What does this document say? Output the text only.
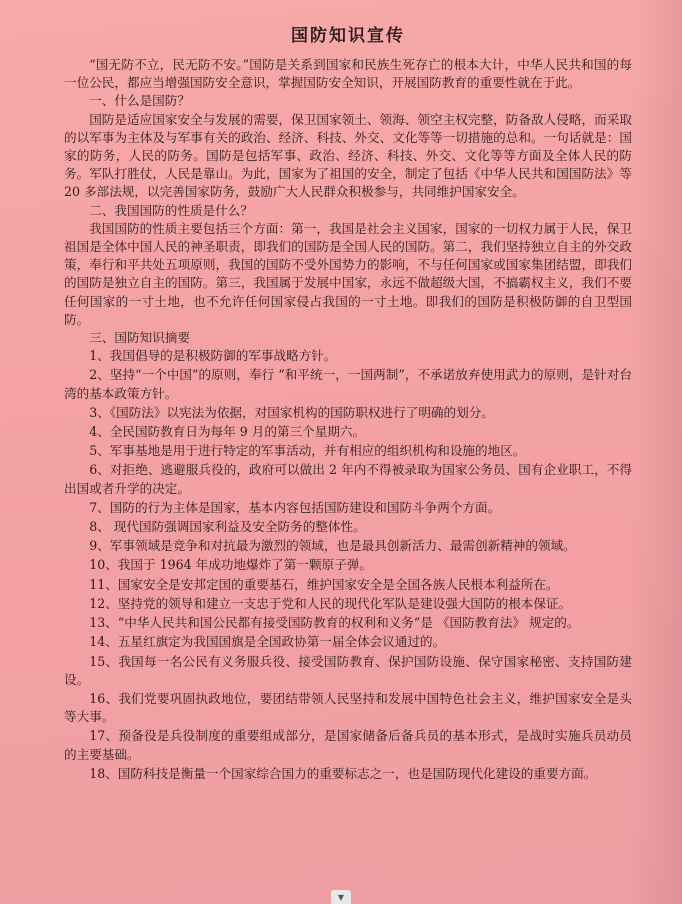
国防知识宣传

“国无防不立，民无防不安。”国防是关系到国家和民族生死存亡的根本大计，中华人民共和国的每一位公民，都应当增强国防安全意识，掌握国防安全知识，开展国防教育的重要性就在于此。

一、什么是国防？

国防是适应国家安全与发展的需要，保卫国家领土、领海、领空主权完整，防备敌人侵略，而采取的以军事为主体及与军事有关的政治、经济、科技、外交、文化等等一切措施的总和。一句话就是：国家的防务，人民的防务。国防是包括军事、政治、经济、科技、外交、文化等等方面及全体人民的防务。军队打胜仗，人民是靠山。为此，国家为了祖国的安全，制定了包括《中华人民共和国国防法》等 20 多部法规，以完善国家防务，鼓励广大人民群众积极参与，共同维护国家安全。

二、我国国防的性质是什么？

我国国防的性质主要包括三个方面：第一，我国是社会主义国家，国家的一切权力属于人民，保卫祖国是全体中国人民的神圣职责，即我们的国防是全国人民的国防。第二，我们坚持独立自主的外交政策，奉行和平共处五项原则，我国的国防不受外国势力的影响，不与任何国家或国家集团结盟，即我们的国防是独立自主的国防。第三，我国属于发展中国家，永远不做超级大国，不搞霸权主义，我们不要任何国家的一寸土地，也不允许任何国家侵占我国的一寸土地。即我们的国防是积极防御的自卫型国防。

三、国防知识摘要

1、我国倡导的是积极防御的军事战略方针。

2、坚持“一个中国”的原则，奉行 “和平统一，一国两制”，不承诺放弃使用武力的原则，是针对台湾的基本政策方针。

3、《国防法》以宪法为依据，对国家机构的国防职权进行了明确的划分。

4、全民国防教育日为每年 9 月的第三个星期六。

5、军事基地是用于进行特定的军事活动，并有相应的组织机构和设施的地区。

6、对拒绝、逃避服兵役的，政府可以做出 2 年内不得被录取为国家公务员、国有企业职工，不得出国或者升学的决定。

7、国防的行为主体是国家，基本内容包括国防建设和国防斗争两个方面。

8、 现代国防强调国家利益及安全防务的整体性。

9、军事领域是竞争和对抗最为激烈的领域，也是最具创新活力、最需创新精神的领域。

10、我国于 1964 年成功地爆炸了第一颗原子弹。

11、国家安全是安邦定国的重要基石，维护国家安全是全国各族人民根本利益所在。

12、坚持党的领导和建立一支忠于党和人民的现代化军队是建设强大国防的根本保证。

13、“中华人民共和国公民都有接受国防教育的权利和义务”是 《国防教育法》 规定的。

14、五星红旗定为我国国旗是全国政协第一届全体会议通过的。

15、我国每一名公民有义务服兵役、接受国防教育、保护国防设施、保守国家秘密、支持国防建设。

16、我们党要巩固执政地位，要团结带领人民坚持和发展中国特色社会主义，维护国家安全是头等大事。

17、预备役是兵役制度的重要组成部分，是国家储备后备兵员的基本形式，是战时实施兵员动员的主要基础。

18、国防科技是衡量一个国家综合国力的重要标志之一，也是国防现代化建设的重要方面。

▼
